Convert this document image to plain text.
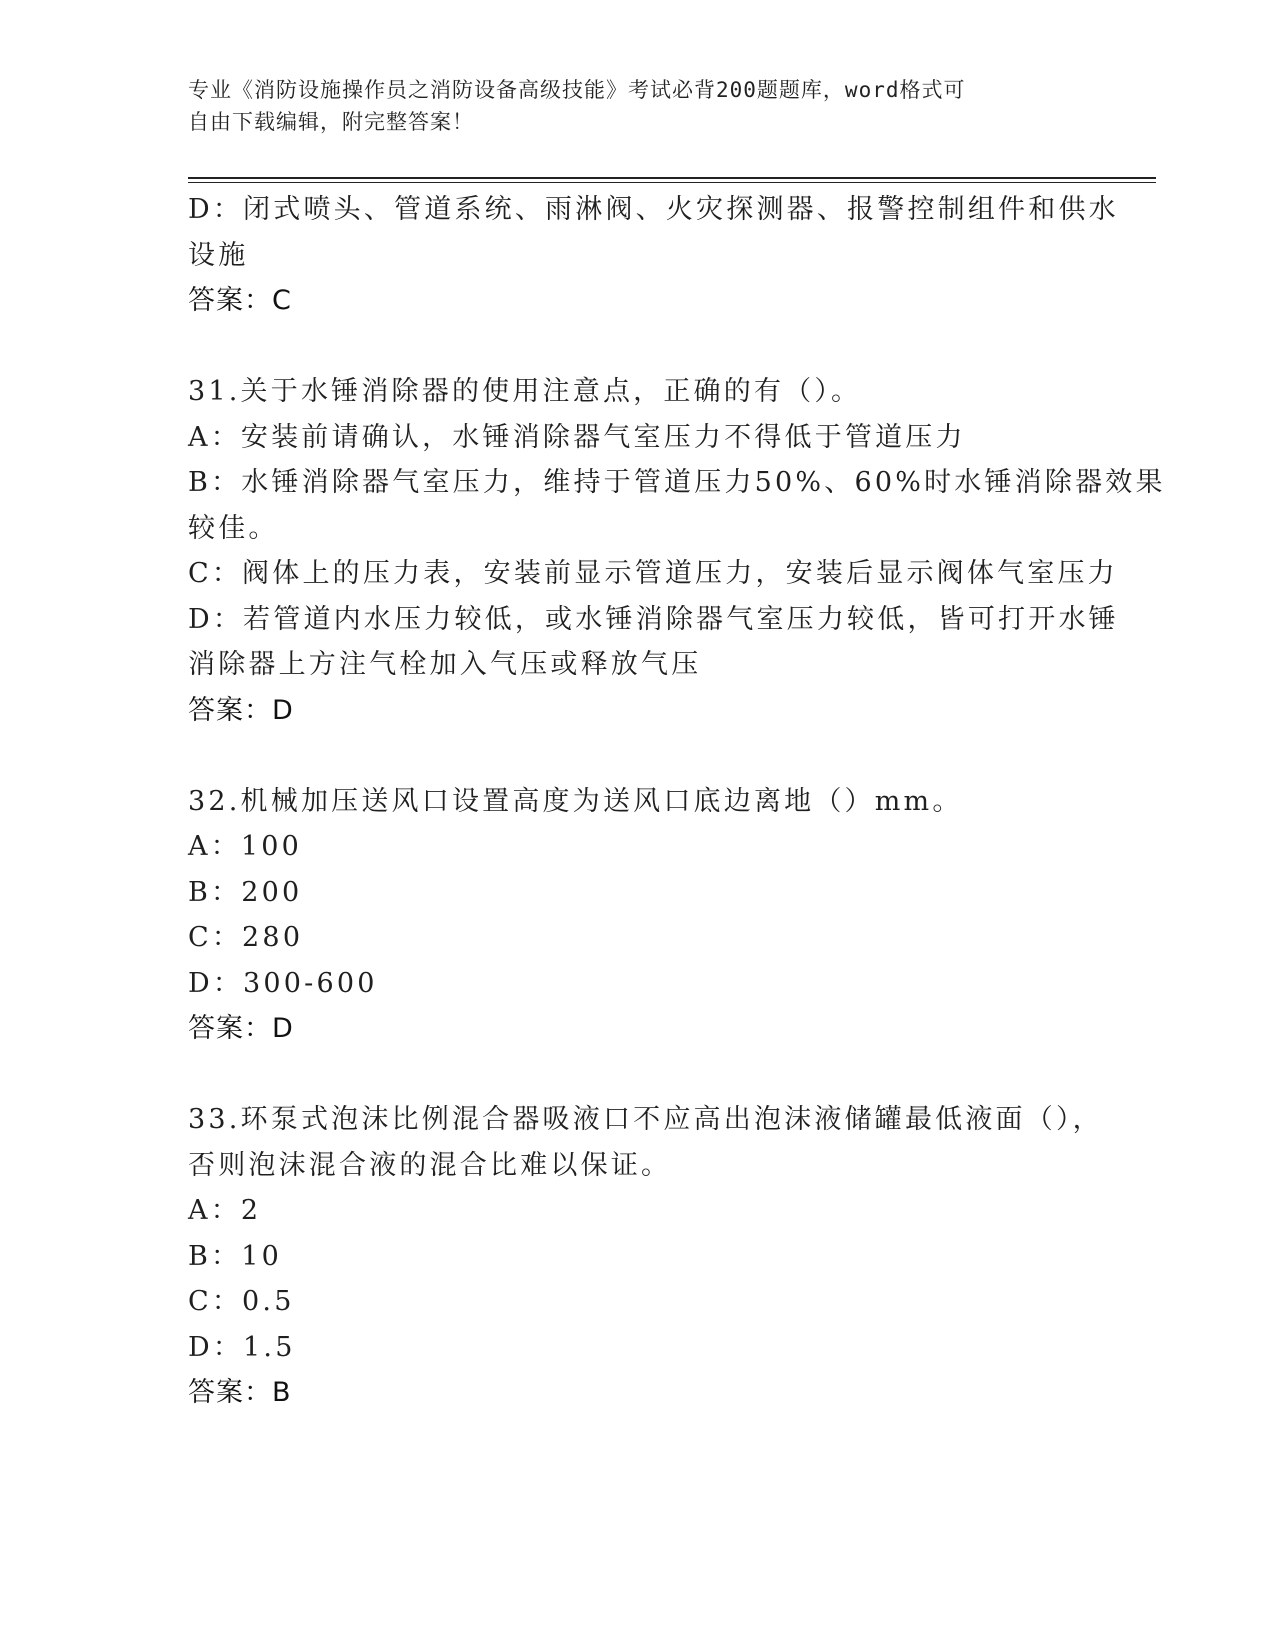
专业《消防设施操作员之消防设备高级技能》考试必背200题题库，word格式可
自由下载编辑，附完整答案！
D：闭式喷头、管道系统、雨淋阀、火灾探测器、报警控制组件和供水
设施
答案：C
31.关于水锤消除器的使用注意点，正确的有（）。
A：安装前请确认，水锤消除器气室压力不得低于管道压力
B：水锤消除器气室压力，维持于管道压力50%、60%时水锤消除器效果
较佳。
C：阀体上的压力表，安装前显示管道压力，安装后显示阀体气室压力
D：若管道内水压力较低，或水锤消除器气室压力较低，皆可打开水锤
消除器上方注气栓加入气压或释放气压
答案：D
32.机械加压送风口设置高度为送风口底边离地（）mm。
A：100
B：200
C：280
D：300-600
答案：D
33.环泵式泡沫比例混合器吸液口不应高出泡沫液储罐最低液面（），
否则泡沫混合液的混合比难以保证。
A：2
B：10
C：0.5
D：1.5
答案：B
